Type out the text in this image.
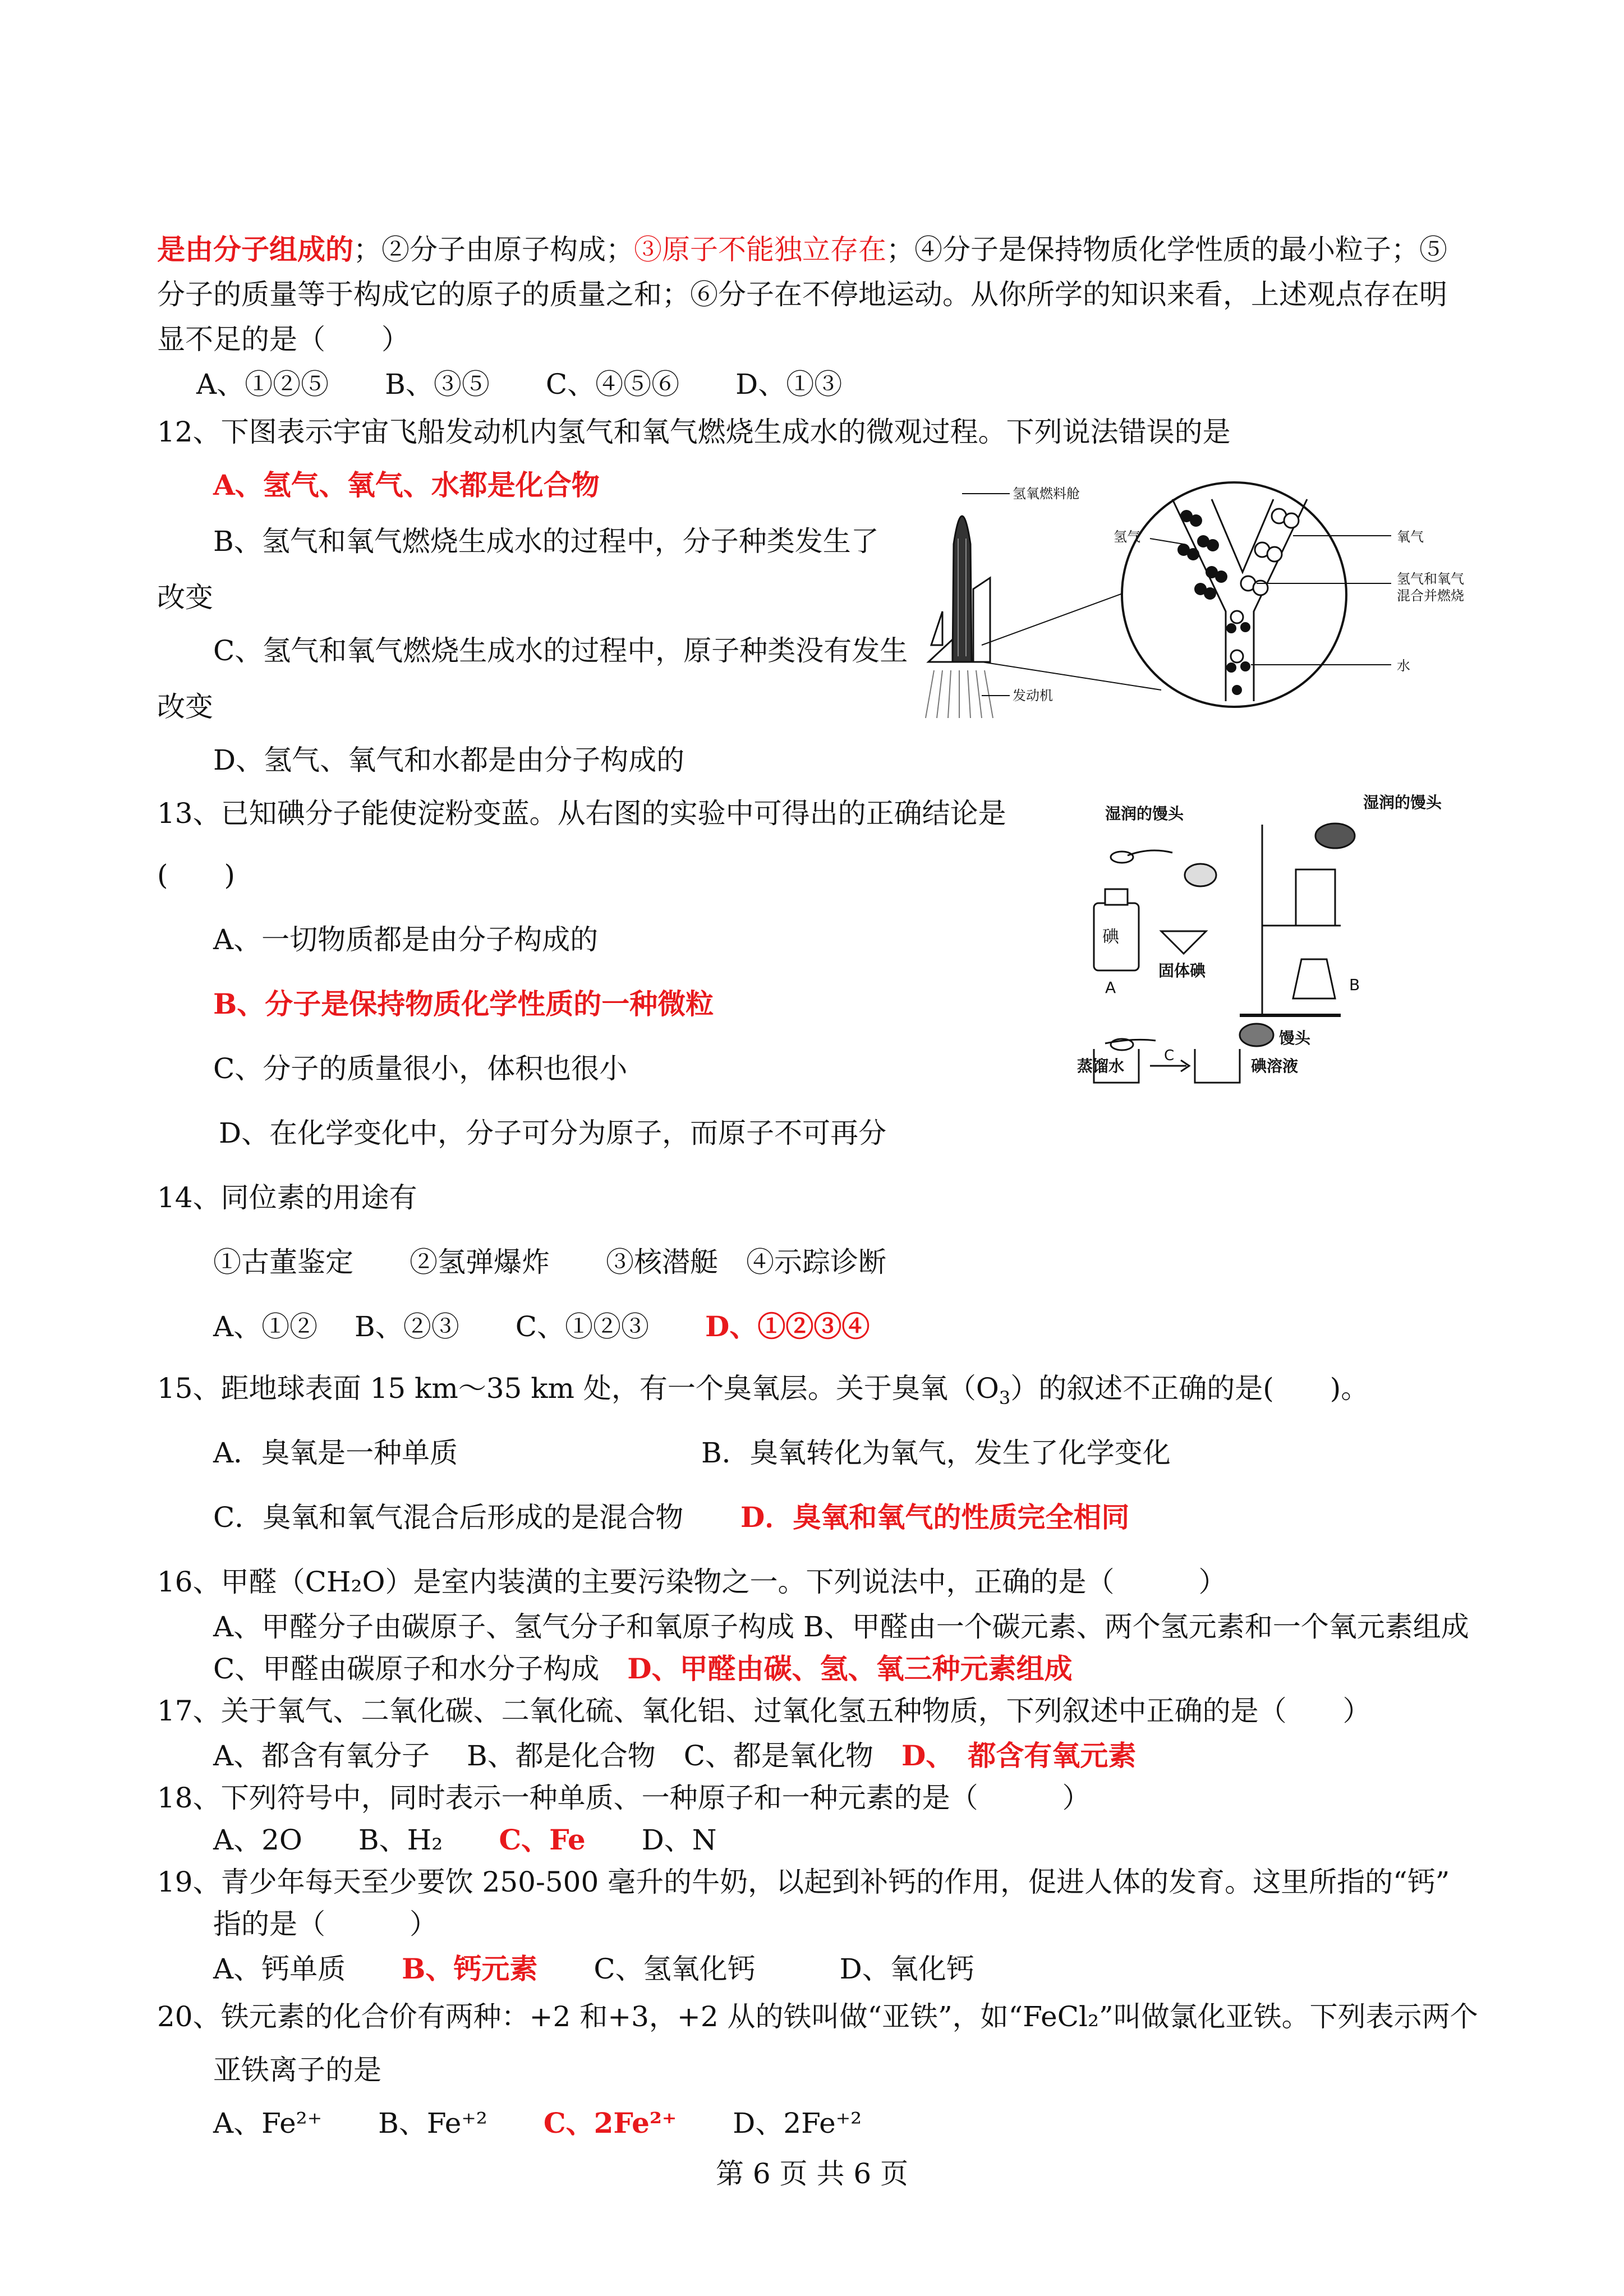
是由分子组成的；②分子由原子构成；③原子不能独立存在；④分子是保持物质化学性质的最小粒子；⑤
分子的质量等于构成它的原子的质量之和；⑥分子在不停地运动。从你所学的知识来看，上述观点存在明
显不足的是（　　）
A、①②⑤　　B、③⑤　　C、④⑤⑥　　D、①③
12、下图表示宇宙飞船发动机内氢气和氧气燃烧生成水的微观过程。下列说法错误的是
A、氢气、氧气、水都是化合物
B、氢气和氧气燃烧生成水的过程中，分子种类发生了
改变
C、氢气和氧气燃烧生成水的过程中，原子种类没有发生
改变
D、氢气、氧气和水都是由分子构成的
氢氧燃料舱
氢气	氧气
氢气和氧气
混合并燃烧
水
发动机
13、已知碘分子能使淀粉变蓝。从右图的实验中可得出的正确结论是
(　　)
A、一切物质都是由分子构成的
B、分子是保持物质化学性质的一种微粒
C、分子的质量很小，体积也很小
D、在化学变化中，分子可分为原子，而原子不可再分
碘
A
湿润的馒头
湿润的馒头
固体碘
B
馒头
蒸馏水
C
碘溶液
14、同位素的用途有
①古董鉴定　　②氢弹爆炸　　③核潜艇　④示踪诊断
A、①②　 B、②③　　C、①②③　　 D、①②③④
15、距地球表面 15 km～35 km 处，有一个臭氧层。关于臭氧$(O_3)$的叙述不正确的是(　　)。
A．臭氧是一种单质	B．臭氧转化为氧气，发生了化学变化
C．臭氧和氧气混合后形成的是混合物 D．臭氧和氧气的性质完全相同
16、甲醛（CH₂O）是室内装潢的主要污染物之一。下列说法中，正确的是（　　　）
A、甲醛分子由碳原子、氢气分子和氧原子构成 B、甲醛由一个碳元素、两个氢元素和一个氧元素组成
C、甲醛由碳原子和水分子构成　 D、甲醛由碳、氢、氧三种元素组成
17、关于氧气、二氧化碳、二氧化硫、氧化铝、过氧化氢五种物质，下列叙述中正确的是（　　）
A、都含有氧分子　 B、都是化合物　C、都是氧化物　 D、　都含有氧元素
18、下列符号中，同时表示一种单质、一种原子和一种元素的是（　　　）
A、2O　　B、H₂　　 C、Fe　　 D、N
19、青少年每天至少要饮 250-500 毫升的牛奶，以起到补钙的作用，促进人体的发育。这里所指的“钙”
指的是（　　　）
A、钙单质　　 B、钙元素　　 C、氢氧化钙　　　D、氧化钙
20、铁元素的化合价有两种：+2 和+3，+2 从的铁叫做“亚铁”，如“FeCl₂”叫做氯化亚铁。下列表示两个
亚铁离子的是
A、Fe²⁺　　 B、Fe⁺²　　 C、2Fe²⁺　　 D、2Fe⁺²
第 6 页 共 6 页
